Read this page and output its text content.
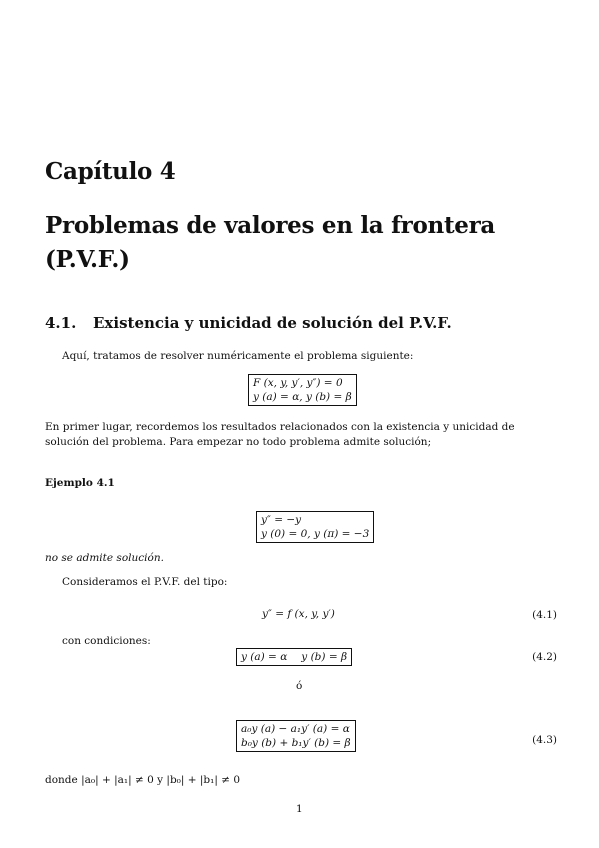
Capítulo 4
Problemas de valores en la frontera (P.V.F.)
4.1. Existencia y unicidad de solución del P.V.F.
Aquí, tratamos de resolver numéricamente el problema siguiente:
F (x, y, y′, y″) = 0
y (a) = α, y (b) = β
En primer lugar, recordemos los resultados relacionados con la existencia y unicidad de solución del problema. Para empezar no todo problema admite solución;
Ejemplo 4.1
y″ = −y
y (0) = 0, y (π) = −3
no se admite solución.
Consideramos el P.V.F. del tipo:
y″ = f (x, y, y′)	(4.1)
con condiciones:
y (a) = α y (b) = β	(4.2)
ó
a₀y (a) − a₁y′ (a) = α
b₀y (b) + b₁y′ (b) = β	(4.3)
donde |a₀| + |a₁| ≠ 0 y |b₀| + |b₁| ≠ 0
1
